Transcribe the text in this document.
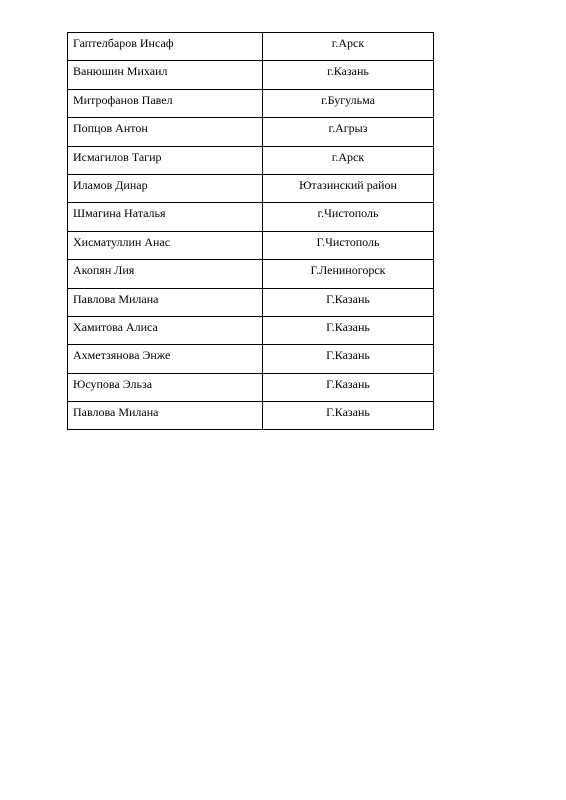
Гаптелбаров Инсаф	г.Арск
Ванюшин Михаил	г.Казань
Митрофанов Павел	г.Бугульма
Попцов Антон	г.Агрыз
Исмагилов Тагир	г.Арск
Иламов Динар	Ютазинский район
Шмагина Наталья	г.Чистополь
Хисматуллин Анас	Г.Чистополь
Акопян Лия	Г.Лениногорск
Павлова Милана	Г.Казань
Хамитова Алиса	Г.Казань
Ахметзянова Энже	Г.Казань
Юсупова Эльза	Г.Казань
Павлова Милана	Г.Казань
